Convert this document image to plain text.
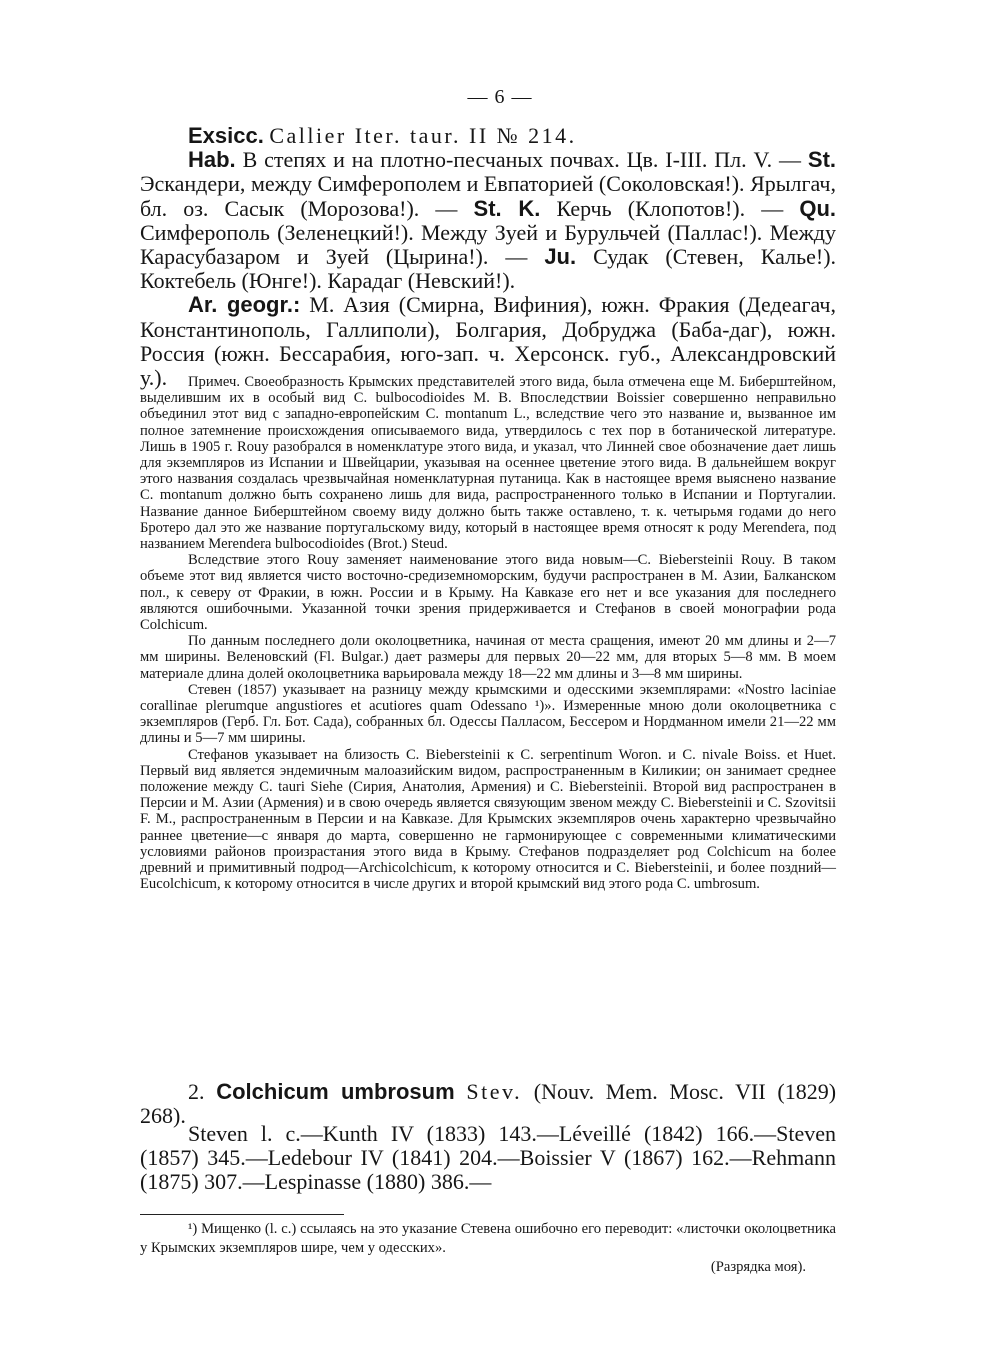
— 6 —

Exsicc. Callier Iter. taur. II № 214.

Hab. В степях и на плотно-песчаных почвах. Цв. I-III. Пл. V. — St. Эскандери, между Симферополем и Евпаторией (Соколовская!). Ярылгач, бл. оз. Сасык (Морозова!). — St. K. Керчь (Клопотов!). — Qu. Симферополь (Зеленецкий!). Между Зуей и Бурульчей (Паллас!). Между Карасубазаром и Зуей (Цырина!). — Ju. Судак (Стевен, Калье!). Коктебель (Юнге!). Карадаг (Невский!).

Ar. geogr.: М. Азия (Смирна, Вифиния), южн. Фракия (Дедеагач, Константинополь, Галлиполи), Болгария, Добруджа (Баба-даг), южн. Россия (южн. Бессарабия, юго-зап. ч. Херсонск. губ., Александровский у.).	Примеч. Своеобразность Крымских представителей этого вида, была отмечена еще М. Биберштейном, выделившим их в особый вид C. bulbocodioides М. В. Впоследствии Boissier совершенно неправильно объединил этот вид с западно-европейским C. montanum L., вследствие чего это название и, вызванное им полное затемнение происхождения описываемого вида, утвердилось с тех пор в ботанической литературе. Лишь в 1905 г. Rouy разобрался в номенклатуре этого вида, и указал, что Линней свое обозначение дает лишь для экземпляров из Испании и Швейцарии, указывая на осеннее цветение этого вида. В дальнейшем вокруг этого названия создалась чрезвычайная номенклатурная путаница. Как в настоящее время выяснено название C. montanum должно быть сохранено лишь для вида, распространенного только в Испании и Португалии. Название данное Биберштейном своему виду должно быть также оставлено, т. к. четырьмя годами до него Бротеро дал это же название португальскому виду, который в настоящее время относят к роду Merendera, под названием Merendera bulbocodioides (Brot.) Steud.

Вследствие этого Rouy заменяет наименование этого вида новым—C. Biebersteinii Rouy. В таком объеме этот вид является чисто восточно-средиземноморским, будучи распространен в М. Азии, Балканском пол., к северу от Фракии, в южн. России и в Крыму. На Кавказе его нет и все указания для последнего являются ошибочными. Указанной точки зрения придерживается и Стефанов в своей монографии рода Colchicum.

По данным последнего доли околоцветника, начиная от места сращения, имеют 20 мм длины и 2—7 мм ширины. Веленовский (Fl. Bulgar.) дает размеры для первых 20—22 мм, для вторых 5—8 мм. В моем материале длина долей околоцветника варьировала между 18—22 мм длины и 3—8 мм ширины.

Стевен (1857) указывает на разницу между крымскими и одесскими экземплярами: «Nostro laciniae corallinae plerumque angustiores et acutiores quam Odessano ¹)». Измеренные мною доли околоцветника с экземпляров (Герб. Гл. Бот. Сада), собранных бл. Одессы Палласом, Бессером и Нордманном имели 21—22 мм длины и 5—7 мм ширины.

Стефанов указывает на близость C. Biebersteinii к C. serpentinum Woron. и C. nivale Boiss. et Huet. Первый вид является эндемичным малоазийским видом, распространенным в Киликии; он занимает среднее положение между C. tauri Siehe (Сирия, Анатолия, Армения) и C. Biebersteinii. Второй вид распространен в Персии и М. Азии (Армения) и в свою очередь является связующим звеном между C. Biebersteinii и C. Szovitsii F. M., распространенным в Персии и на Кавказе. Для Крымских экземпляров очень характерно чрезвычайно раннее цветение—с января до марта, совершенно не гармонирующее с современными климатическими условиями районов произрастания этого вида в Крыму. Стефанов подразделяет род Colchicum на более древний и примитивный подрод—Archicolchicum, к которому относится и C. Biebersteinii, и более поздний—Eucolchicum, к которому относится в числе других и второй крымский вид этого рода C. umbrosum.

2. Colchicum umbrosum Stev. (Nouv. Mem. Mosc. VII (1829) 268).

Steven l. c.—Kunth IV (1833) 143.—Léveillé (1842) 166.—Steven (1857) 345.—Ledebour IV (1841) 204.—Boissier V (1867) 162.—Rehmann (1875) 307.—Lespinasse (1880) 386.—

¹) Мищенко (l. c.) ссылаясь на это указание Стевена ошибочно его переводит: «листочки околоцветника у Крымских экземпляров шире, чем у одесских».

(Разрядка моя).
